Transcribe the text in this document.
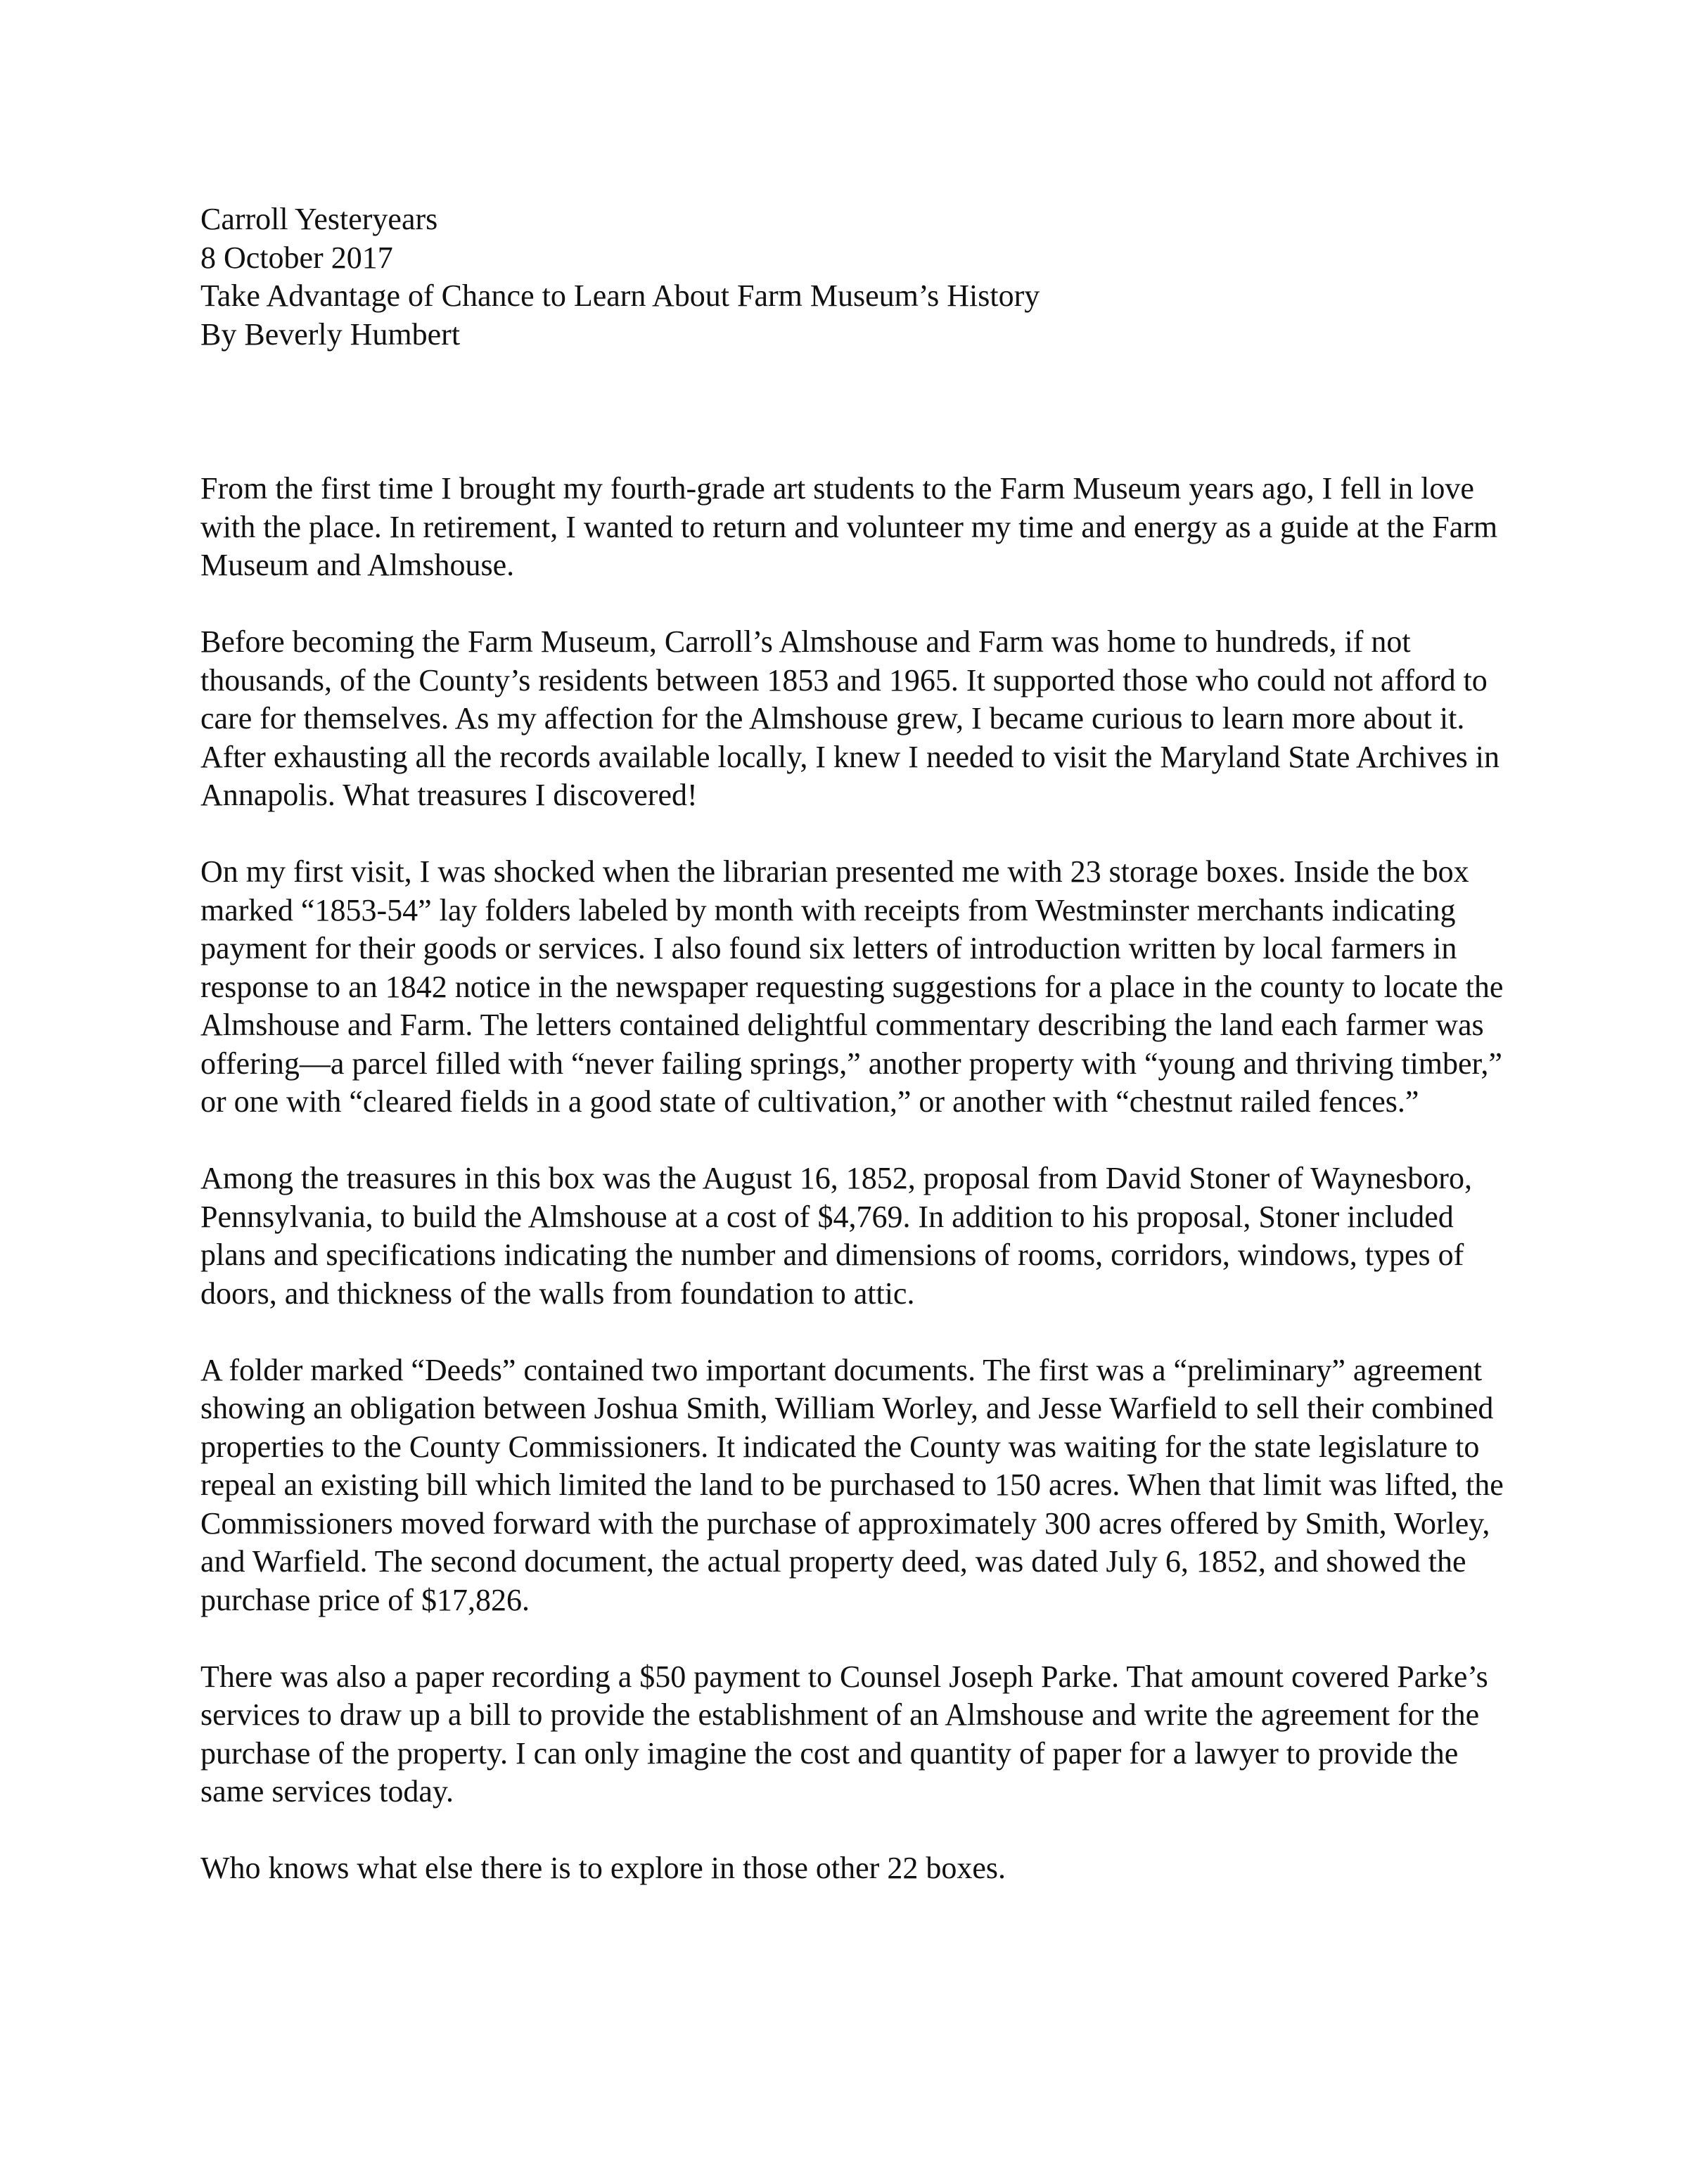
Carroll Yesteryears

8 October 2017

Take Advantage of Chance to Learn About Farm Museum’s History

By Beverly Humbert

From the first time I brought my fourth-grade art students to the Farm Museum years ago, I fell in love with the place. In retirement, I wanted to return and volunteer my time and energy as a guide at the Farm Museum and Almshouse.

Before becoming the Farm Museum, Carroll’s Almshouse and Farm was home to hundreds, if not thousands, of the County’s residents between 1853 and 1965. It supported those who could not afford to care for themselves. As my affection for the Almshouse grew, I became curious to learn more about it. After exhausting all the records available locally, I knew I needed to visit the Maryland State Archives in Annapolis. What treasures I discovered!

On my first visit, I was shocked when the librarian presented me with 23 storage boxes. Inside the box marked “1853-54” lay folders labeled by month with receipts from Westminster merchants indicating payment for their goods or services. I also found six letters of introduction written by local farmers in response to an 1842 notice in the newspaper requesting suggestions for a place in the county to locate the Almshouse and Farm. The letters contained delightful commentary describing the land each farmer was offering—a parcel filled with “never failing springs,” another property with “young and thriving timber,” or one with “cleared fields in a good state of cultivation,” or another with “chestnut railed fences.”

Among the treasures in this box was the August 16, 1852, proposal from David Stoner of Waynesboro, Pennsylvania, to build the Almshouse at a cost of $4,769. In addition to his proposal, Stoner included plans and specifications indicating the number and dimensions of rooms, corridors, windows, types of doors, and thickness of the walls from foundation to attic.

A folder marked “Deeds” contained two important documents. The first was a “preliminary” agreement showing an obligation between Joshua Smith, William Worley, and Jesse Warfield to sell their combined properties to the County Commissioners. It indicated the County was waiting for the state legislature to repeal an existing bill which limited the land to be purchased to 150 acres. When that limit was lifted, the Commissioners moved forward with the purchase of approximately 300 acres offered by Smith, Worley, and Warfield. The second document, the actual property deed, was dated July 6, 1852, and showed the purchase price of $17,826.

There was also a paper recording a $50 payment to Counsel Joseph Parke. That amount covered Parke’s services to draw up a bill to provide the establishment of an Almshouse and write the agreement for the purchase of the property. I can only imagine the cost and quantity of paper for a lawyer to provide the same services today.

Who knows what else there is to explore in those other 22 boxes.
